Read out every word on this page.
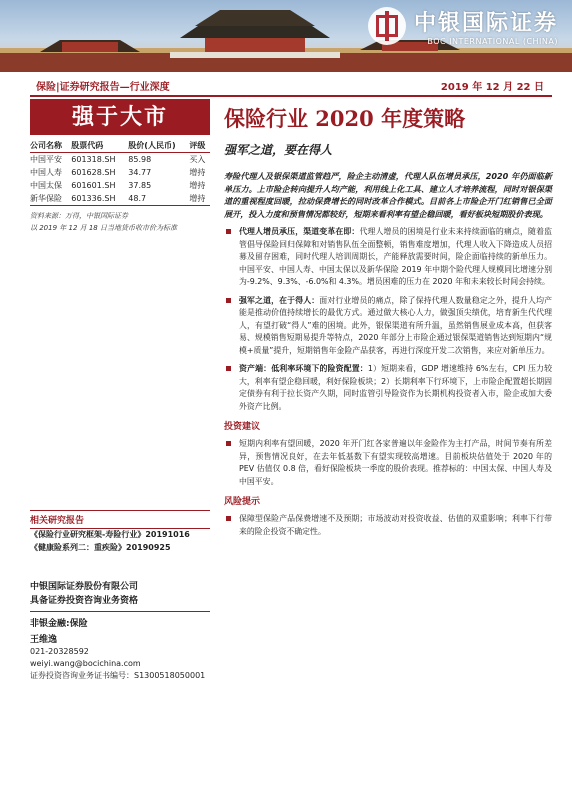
中银国际证券
BOC INTERNATIONAL (CHINA)
保险|证券研究报告—行业深度	2019 年 12 月 22 日
强于大市
公司名称	股票代码	股价(人民币)	评级
中国平安	601318.SH	85.98	买入
中国人寿	601628.SH	34.77	增持
中国太保	601601.SH	37.85	增持
新华保险	601336.SH	48.7	增持
资料来源：万得，中银国际证券
以 2019 年 12 月 18 日当地货币收市价为标准
相关研究报告
《保险行业研究框架-寿险行业》20191016
《健康险系列二：重疾险》20190925
中银国际证券股份有限公司
具备证券投资咨询业务资格
非银金融:保险
王维逸
021-20328592
weiyi.wang@bocichina.com
证券投资咨询业务证书编号：S1300518050001
保险行业 2020 年度策略
强军之道，要在得人
寿险代理人及银保渠道监管趋严，险企主动清虚，代理人队伍增员承压，2020 年仍面临新单压力。上市险企转向提升人均产能，利用线上化工具、建立人才培养流程，同时对银保渠道的重视程度回暖，拉动保费增长的同时改革合作模式。目前各上市险企开门红销售已全面展开，投入力度和预售情况都较好，短期来看利率有望企稳回暖，看好板块短期股价表现。
代理人增员承压，渠道变革在即：代理人增员的困境是行业未来持续面临的痛点，随着监管倡导保险回归保障和对销售队伍全面整顿，销售难度增加，代理人收入下降造成人员招募及留存困难，同时代理人培训周期长，产能释放需要时间，险企面临持续的新单压力。中国平安、中国人寿、中国太保以及新华保险 2019 年中期个险代理人规模同比增速分别为-9.2%、9.3%、-6.0%和 4.3%。增员困难的压力在 2020 年和未来较长时间会持续。
强军之道，在于得人：面对行业增员的痛点，除了保持代理人数量稳定之外，提升人均产能是推动价值持续增长的最优方式。通过做大核心人力，做强顶尖绩优，培育新生代代理人，有望打破“得人”难的困境。此外，银保渠道有所升温，虽然销售展业成本高，但获客易、规模销售短期易提升等特点，2020 年部分上市险企通过银保渠道销售达到短期内“规模+质量”提升，短期销售年金险产品获客，再进行深度开发二次销售，来应对新单压力。
资产端：低利率环境下的险资配置：1）短期来看，GDP 增速维持 6%左右，CPI 压力较大，利率有望企稳回暖，利好保险板块；2）长期利率下行环境下，上市险企配置超长期固定债券有利于拉长资产久期，同时监管引导险资作为长期机构投资者入市，险企或加大委外资产比例。
投资建议
短期内利率有望回暖，2020 年开门红各家普遍以年金险作为主打产品，时间节奏有所差异，预售情况良好，在去年低基数下有望实现较高增速。目前板块估值处于 2020 年的 PEV 估值仅 0.8 倍，看好保险板块一季度的股价表现。推荐标的：中国太保、中国人寿及中国平安。
风险提示
保障型保险产品保费增速不及预期；市场波动对投资收益、估值的双重影响；利率下行带来的险企投资不确定性。
